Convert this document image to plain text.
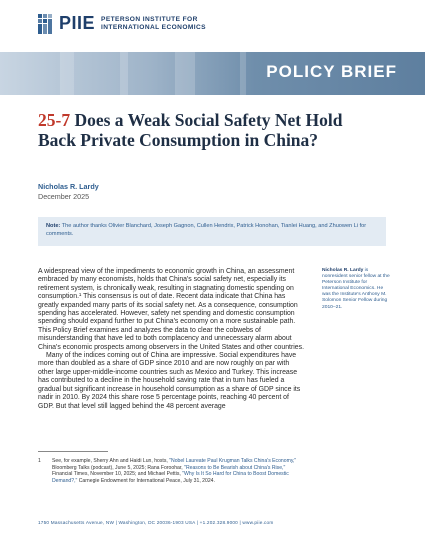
PIIE PETERSON INSTITUTE FOR
INTERNATIONAL ECONOMICS
POLICY BRIEF
25-7 Does a Weak Social Safety Net Hold Back Private Consumption in China?
Nicholas R. Lardy
December 2025
Note: The author thanks Olivier Blanchard, Joseph Gagnon, Cullen Hendrix, Patrick Honohan, Tianlei Huang, and Zhuowen Li for comments.

A widespread view of the impediments to economic growth in China, an assessment embraced by many economists, holds that China's social safety net, especially its retirement system, is chronically weak, resulting in stagnating domestic spending on consumption.¹ This consensus is out of date. Recent data indicate that China has greatly expanded many parts of its social safety net. As a consequence, consumption spending has accelerated. However, safety net spending and domestic consumption spending should expand further to put China's economy on a more sustainable path. This Policy Brief examines and analyzes the data to clear the cobwebs of misunderstanding that have led to both complacency and unnecessary alarm about China's economic prospects among observers in the United States and other countries.

Many of the indices coming out of China are impressive. Social expenditures have more than doubled as a share of GDP since 2010 and are now roughly on par with other large upper-middle-income countries such as Mexico and Turkey. This increase has contributed to a decline in the household saving rate that in turn has fueled a gradual but significant increase in household consumption as a share of GDP since its nadir in 2010. By 2024 this share rose 5 percentage points, reaching 40 percent of GDP. But that level still lagged behind the 48 percent average

Nicholas R. Lardy is nonresident senior fellow at the Peterson Institute for International Economics. He was the Institute's Anthony M. Solomon Senior Fellow during 2010–21.
1	See, for example, Sherry Ahn and Haidi Lun, hosts, "Nobel Laureate Paul Krugman Talks China's Economy," Bloomberg Talks (podcast), June 5, 2025; Rana Foroohar, "Reasons to Be Bearish about China's Rise," Financial Times, November 10, 2025; and Michael Pettis, "Why Is It So Hard for China to Boost Domestic Demand?," Carnegie Endowment for International Peace, July 31, 2024.
1750 Massachusetts Avenue, NW | Washington, DC 20036-1903 USA | +1.202.328.9000 | www.piie.com
